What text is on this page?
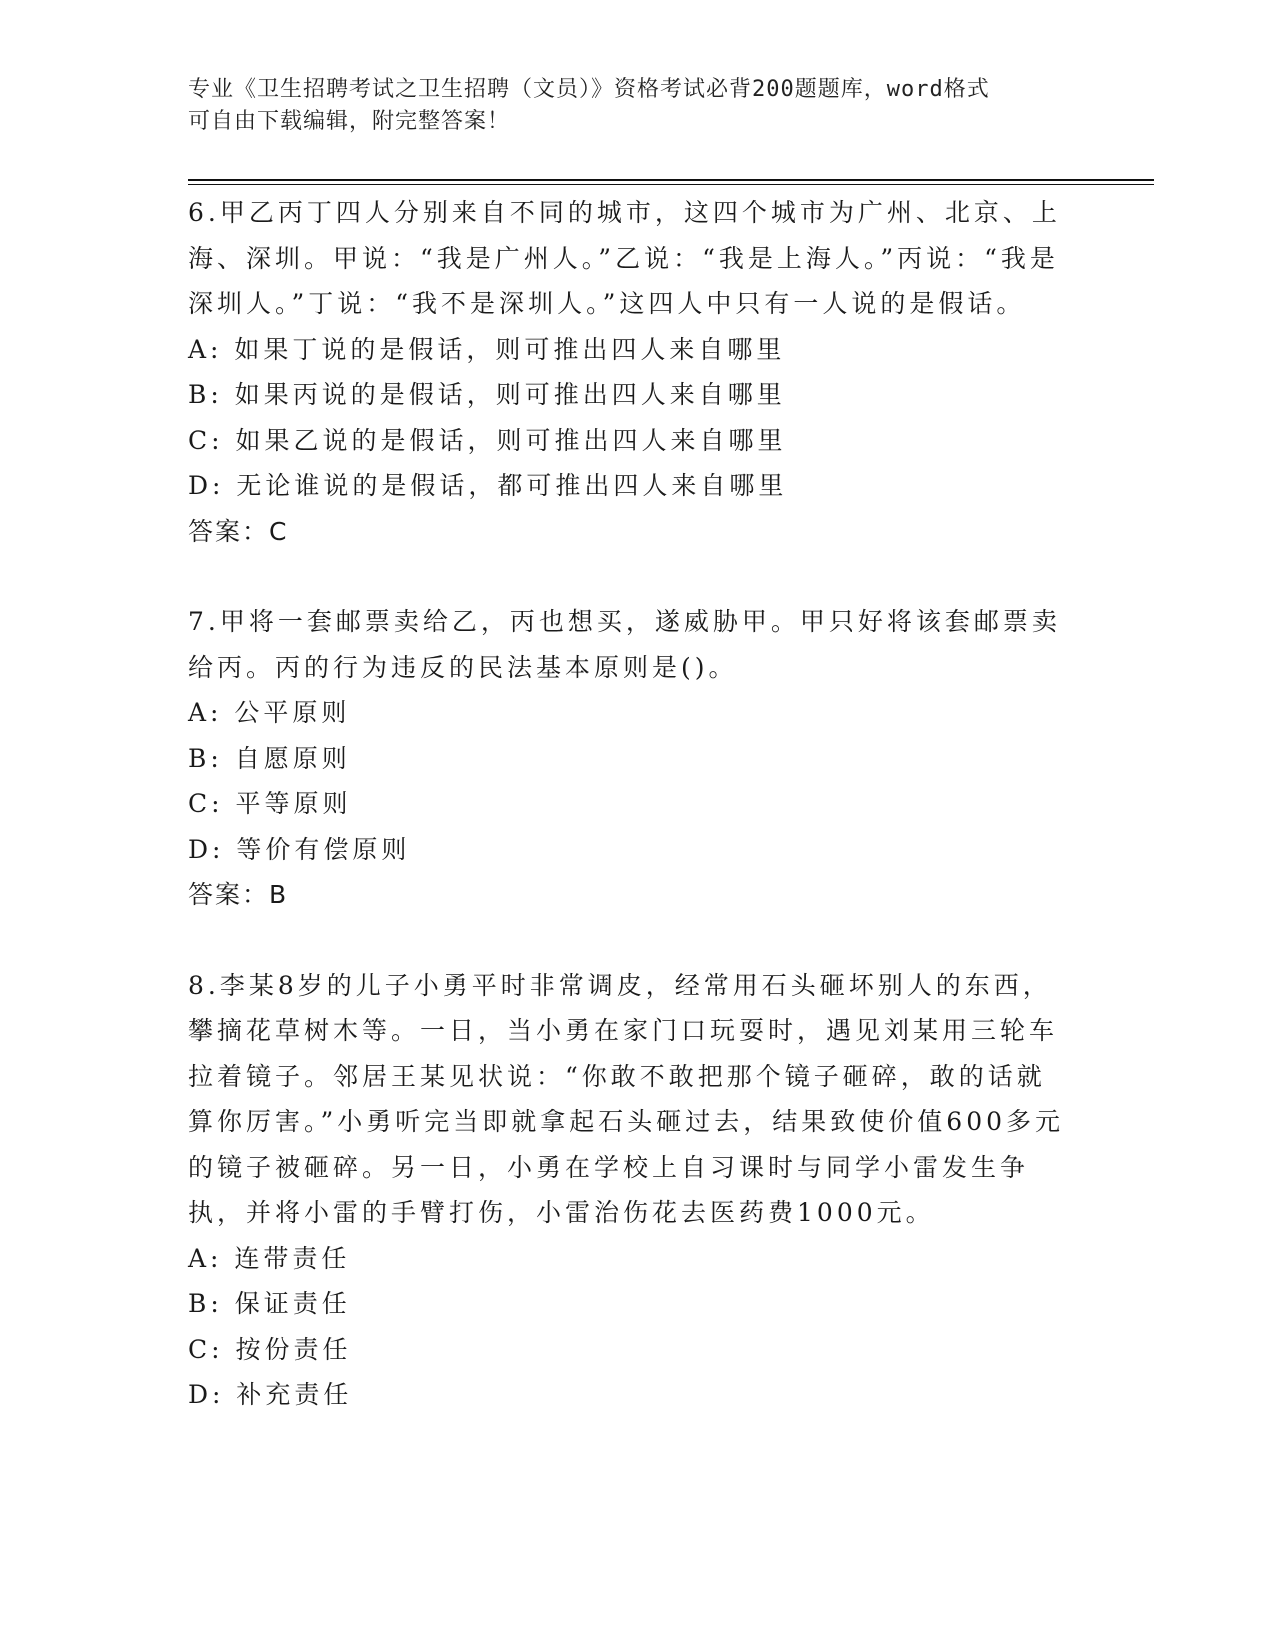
专业《卫生招聘考试之卫生招聘（文员）》资格考试必背200题题库，word格式
可自由下载编辑，附完整答案！

6.甲乙丙丁四人分别来自不同的城市，这四个城市为广州、北京、上海、深圳。甲说：“我是广州人。”乙说：“我是上海人。”丙说：“我是深圳人。”丁说：“我不是深圳人。”这四人中只有一人说的是假话。

A: 如果丁说的是假话，则可推出四人来自哪里

B: 如果丙说的是假话，则可推出四人来自哪里

C: 如果乙说的是假话，则可推出四人来自哪里

D: 无论谁说的是假话，都可推出四人来自哪里

答案：C

7.甲将一套邮票卖给乙，丙也想买，遂威胁甲。甲只好将该套邮票卖给丙。丙的行为违反的民法基本原则是()。

A: 公平原则

B: 自愿原则

C: 平等原则

D: 等价有偿原则

答案：B

8.李某8岁的儿子小勇平时非常调皮，经常用石头砸坏别人的东西，攀摘花草树木等。一日，当小勇在家门口玩耍时，遇见刘某用三轮车拉着镜子。邻居王某见状说：“你敢不敢把那个镜子砸碎，敢的话就算你厉害。”小勇听完当即就拿起石头砸过去，结果致使价值600多元的镜子被砸碎。另一日，小勇在学校上自习课时与同学小雷发生争执，并将小雷的手臂打伤，小雷治伤花去医药费1000元。

A: 连带责任

B: 保证责任

C: 按份责任

D: 补充责任
